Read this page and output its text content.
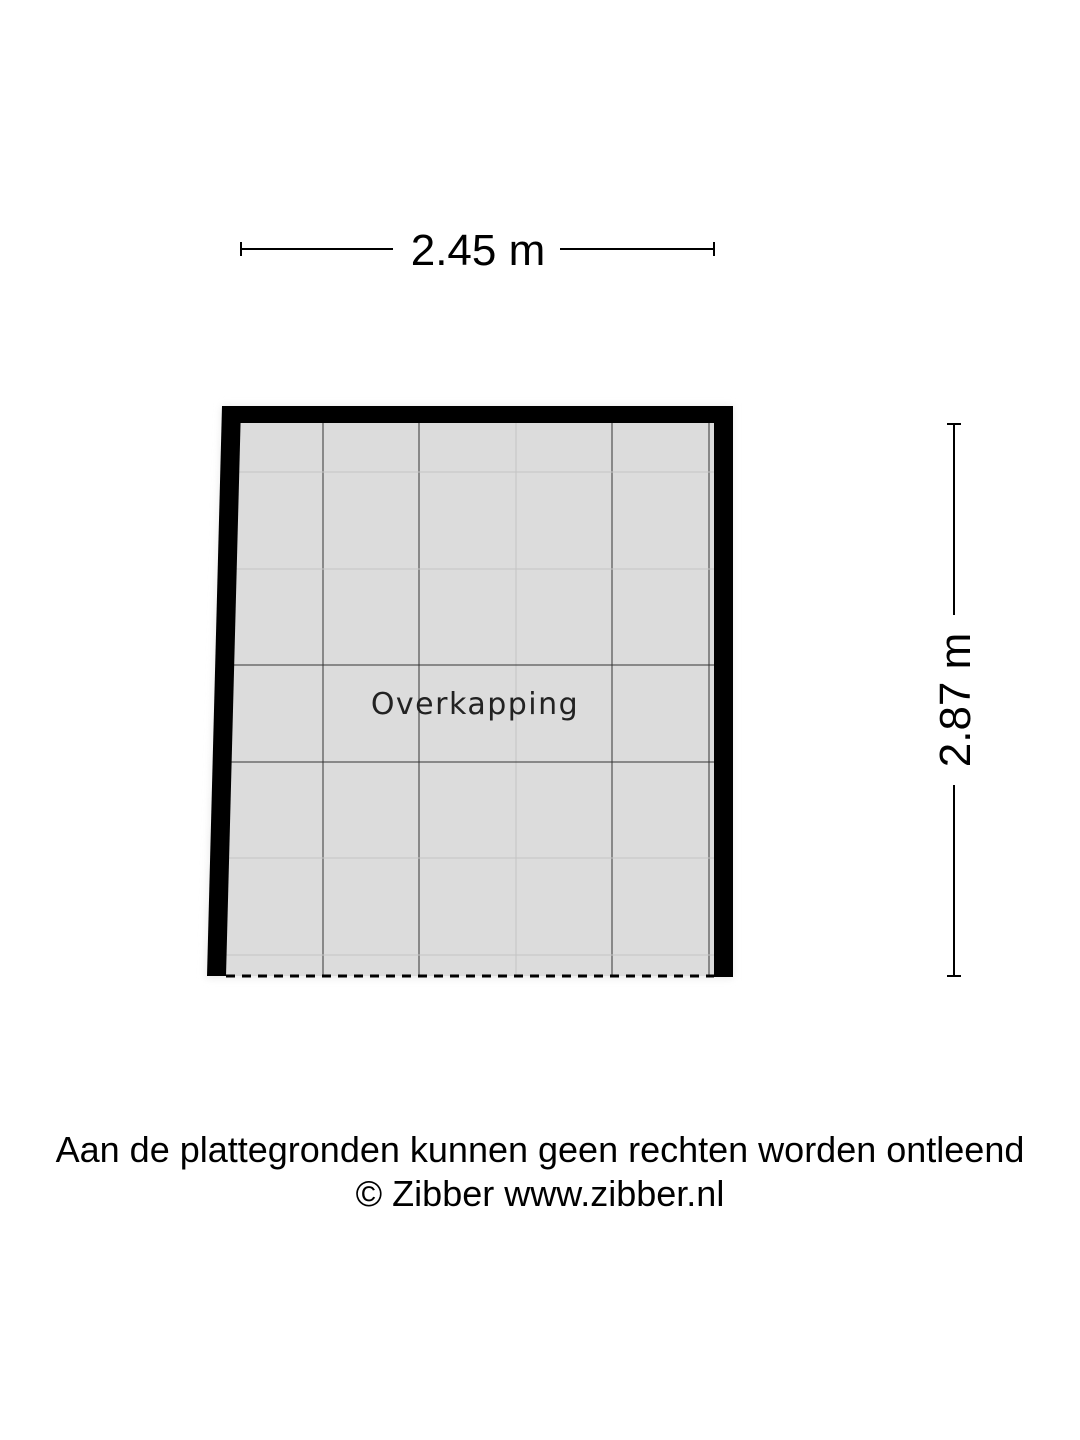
2.45 m
2.87 m
Overkapping
Aan de plattegronden kunnen geen rechten worden ontleend
© Zibber www.zibber.nl
